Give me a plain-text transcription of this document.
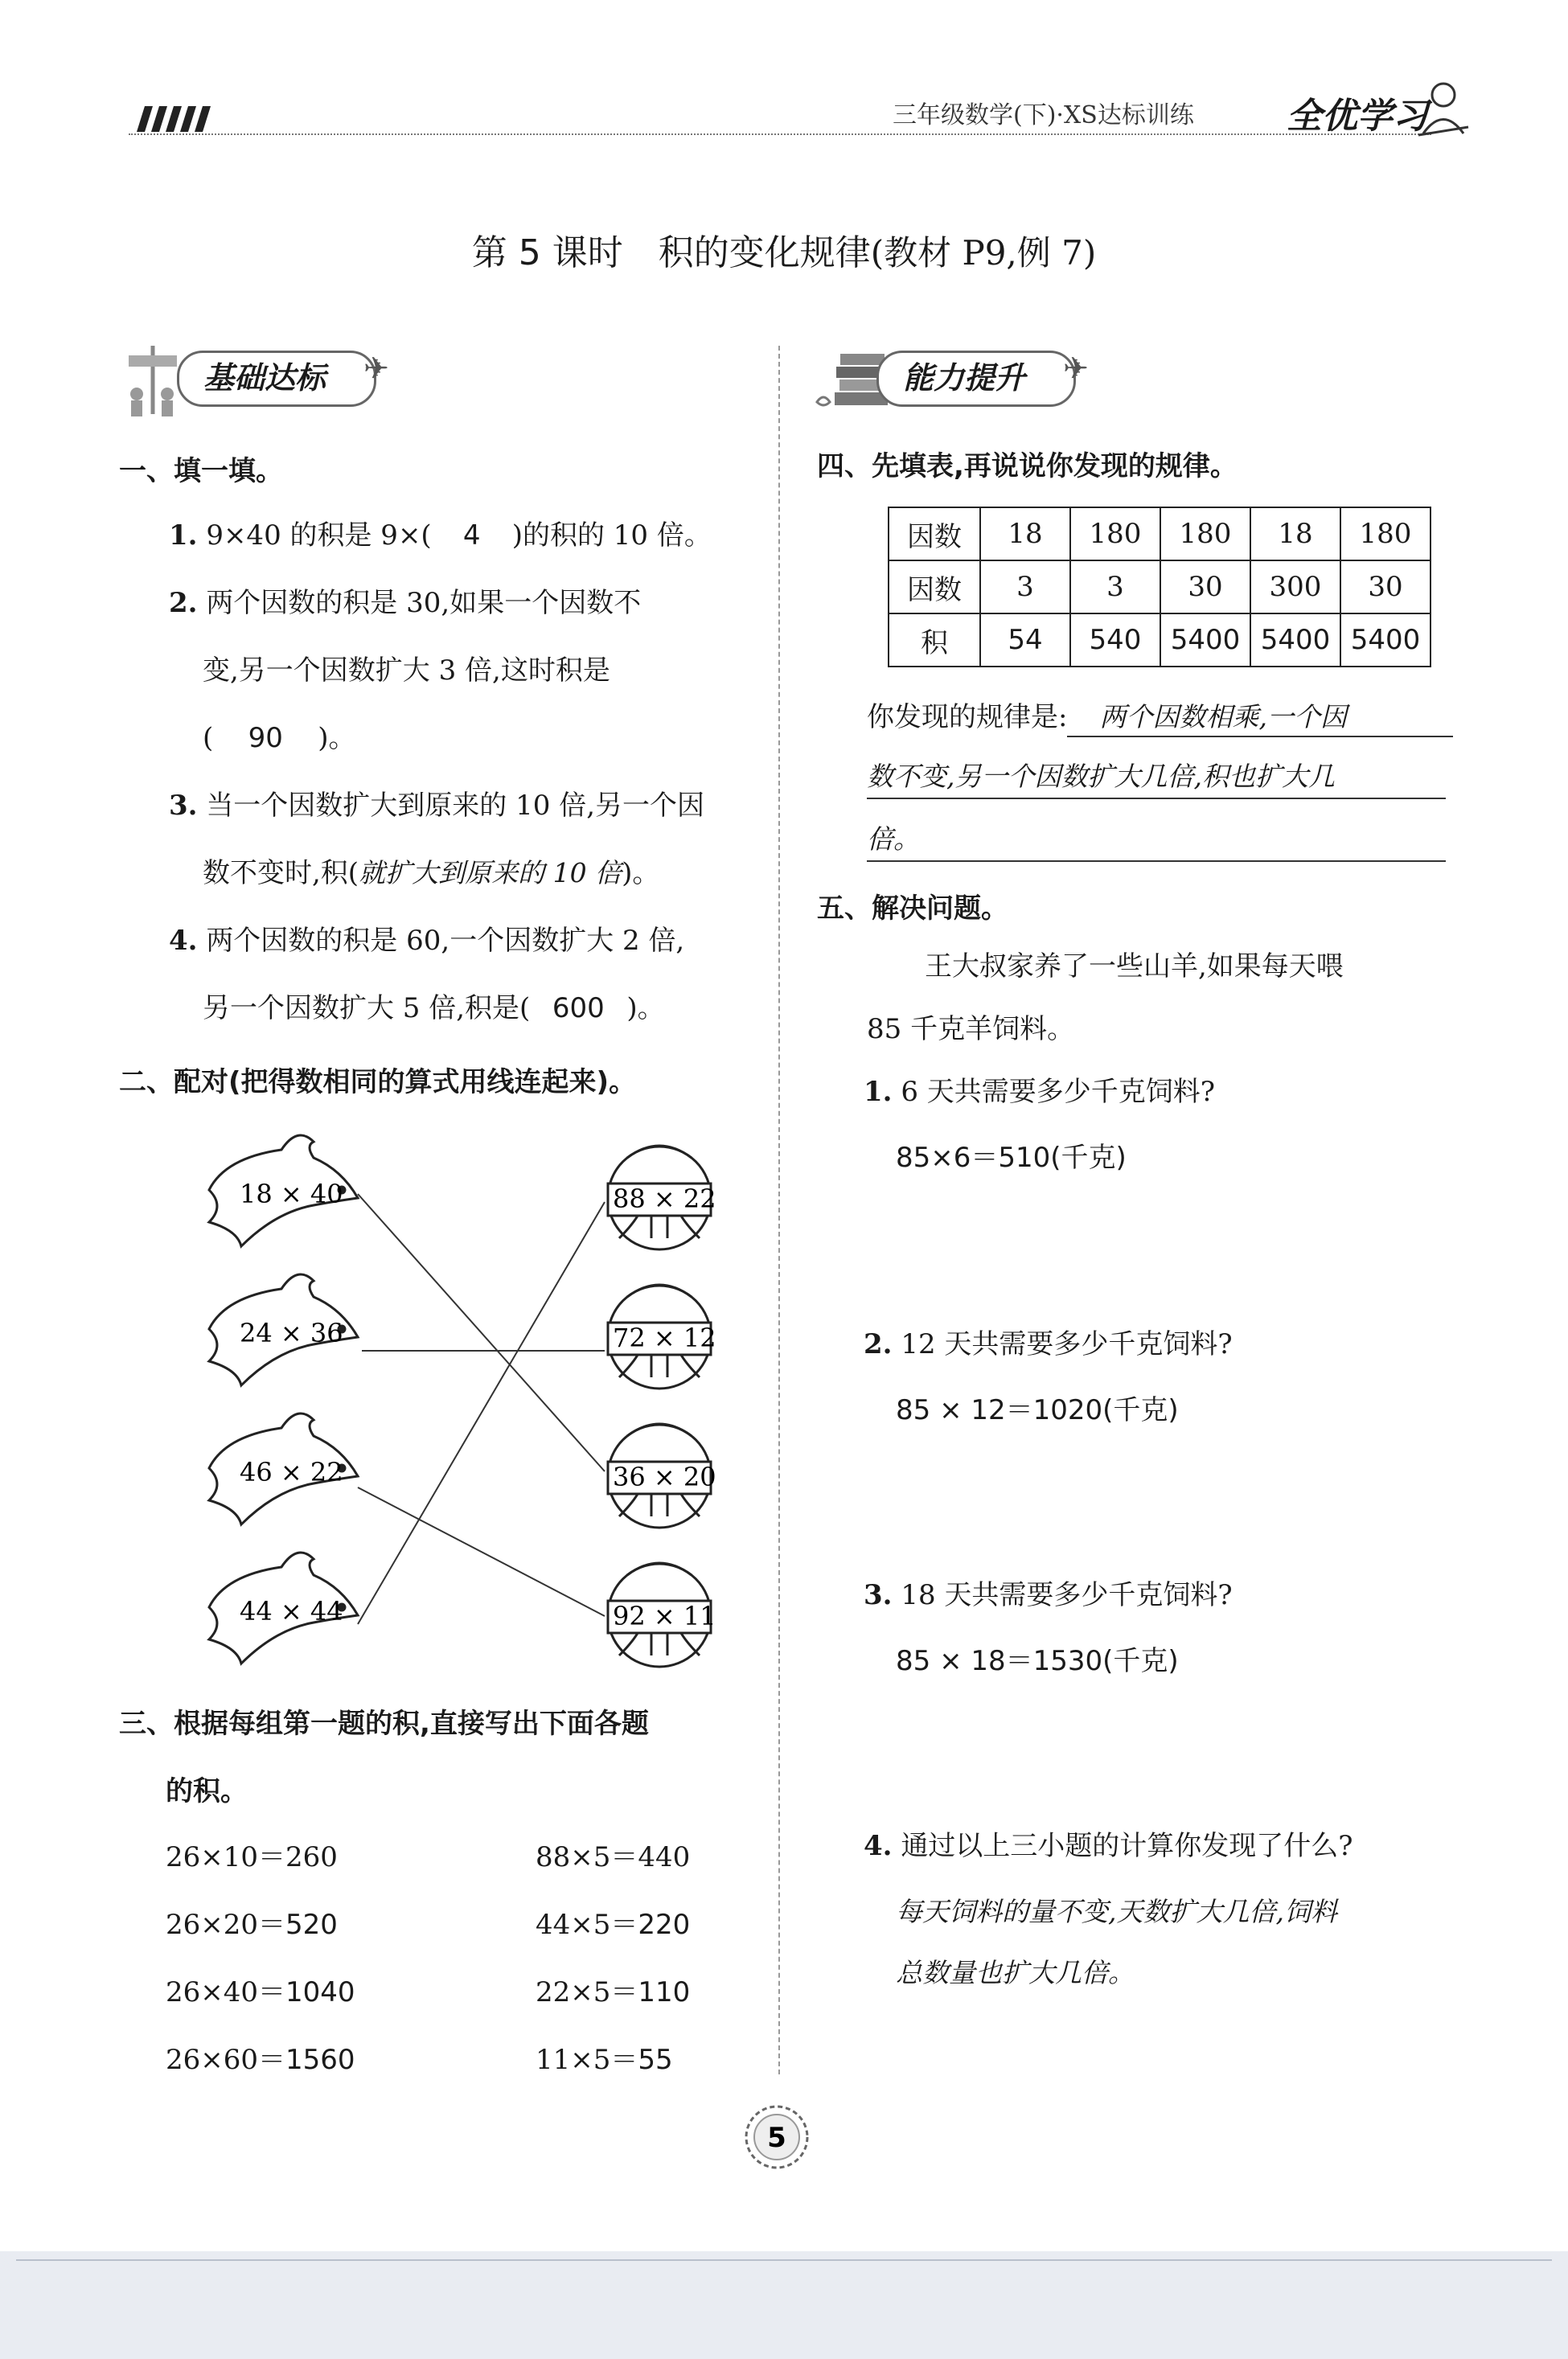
三年级数学(下)·XS达标训练	全优学习
第 5 课时　积的变化规律(教材 P9,例 7)
基础达标	✈	能力提升	✈
一、填一填。
1. 9×40 的积是 9×( 4 )的积的 10 倍。
2. 两个因数的积是 30,如果一个因数不
变,另一个因数扩大 3 倍,这时积是
( 90 )。
3. 当一个因数扩大到原来的 10 倍,另一个因
数不变时,积(就扩大到原来的 10 倍)。
4. 两个因数的积是 60,一个因数扩大 2 倍,
另一个因数扩大 5 倍,积是( 600 )。
二、配对(把得数相同的算式用线连起来)。
18 × 40
24 × 36
46 × 22
44 × 44
88 × 22
72 × 12
36 × 20
92 × 11
三、根据每组第一题的积,直接写出下面各题
的积。
26×10＝260
26×20＝520
26×40＝1040
26×60＝1560
88×5＝440
44×5＝220
22×5＝110
11×5＝55
四、先填表,再说说你发现的规律。
因数	18	180	180	18	180
因数	3	3	30	300	30
积	54	540	5400	5400	5400
你发现的规律是: 两个因数相乘,一个因
数不变,另一个因数扩大几倍,积也扩大几
倍。
五、解决问题。
王大叔家养了一些山羊,如果每天喂
85 千克羊饲料。
1. 6 天共需要多少千克饲料?
85×6＝510(千克)
2. 12 天共需要多少千克饲料?
85 × 12＝1020(千克)
3. 18 天共需要多少千克饲料?
85 × 18＝1530(千克)
4. 通过以上三小题的计算你发现了什么?
每天饲料的量不变,天数扩大几倍,饲料
总数量也扩大几倍。
5
